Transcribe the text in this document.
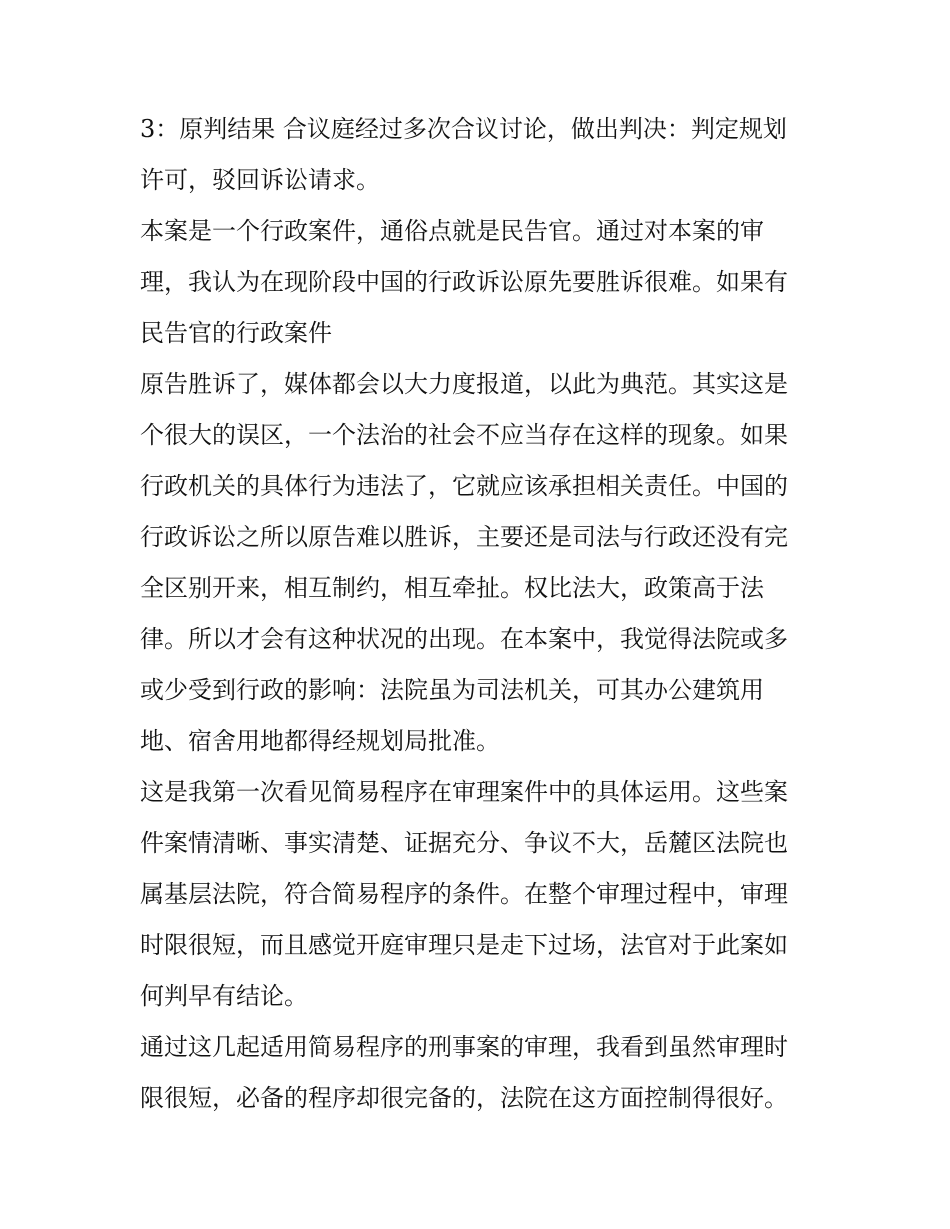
3：原判结果 合议庭经过多次合议讨论，做出判决：判定规划
许可，驳回诉讼请求。

本案是一个行政案件，通俗点就是民告官。通过对本案的审
理，我认为在现阶段中国的行政诉讼原先要胜诉很难。如果有
民告官的行政案件

原告胜诉了，媒体都会以大力度报道，以此为典范。其实这是
个很大的误区，一个法治的社会不应当存在这样的现象。如果
行政机关的具体行为违法了，它就应该承担相关责任。中国的
行政诉讼之所以原告难以胜诉，主要还是司法与行政还没有完
全区别开来，相互制约，相互牵扯。权比法大，政策高于法
律。所以才会有这种状况的出现。在本案中，我觉得法院或多
或少受到行政的影响：法院虽为司法机关，可其办公建筑用
地、宿舍用地都得经规划局批准。

这是我第一次看见简易程序在审理案件中的具体运用。这些案
件案情清晰、事实清楚、证据充分、争议不大，岳麓区法院也
属基层法院，符合简易程序的条件。在整个审理过程中，审理
时限很短，而且感觉开庭审理只是走下过场，法官对于此案如
何判早有结论。

通过这几起适用简易程序的刑事案的审理，我看到虽然审理时
限很短，必备的程序却很完备的，法院在这方面控制得很好。
